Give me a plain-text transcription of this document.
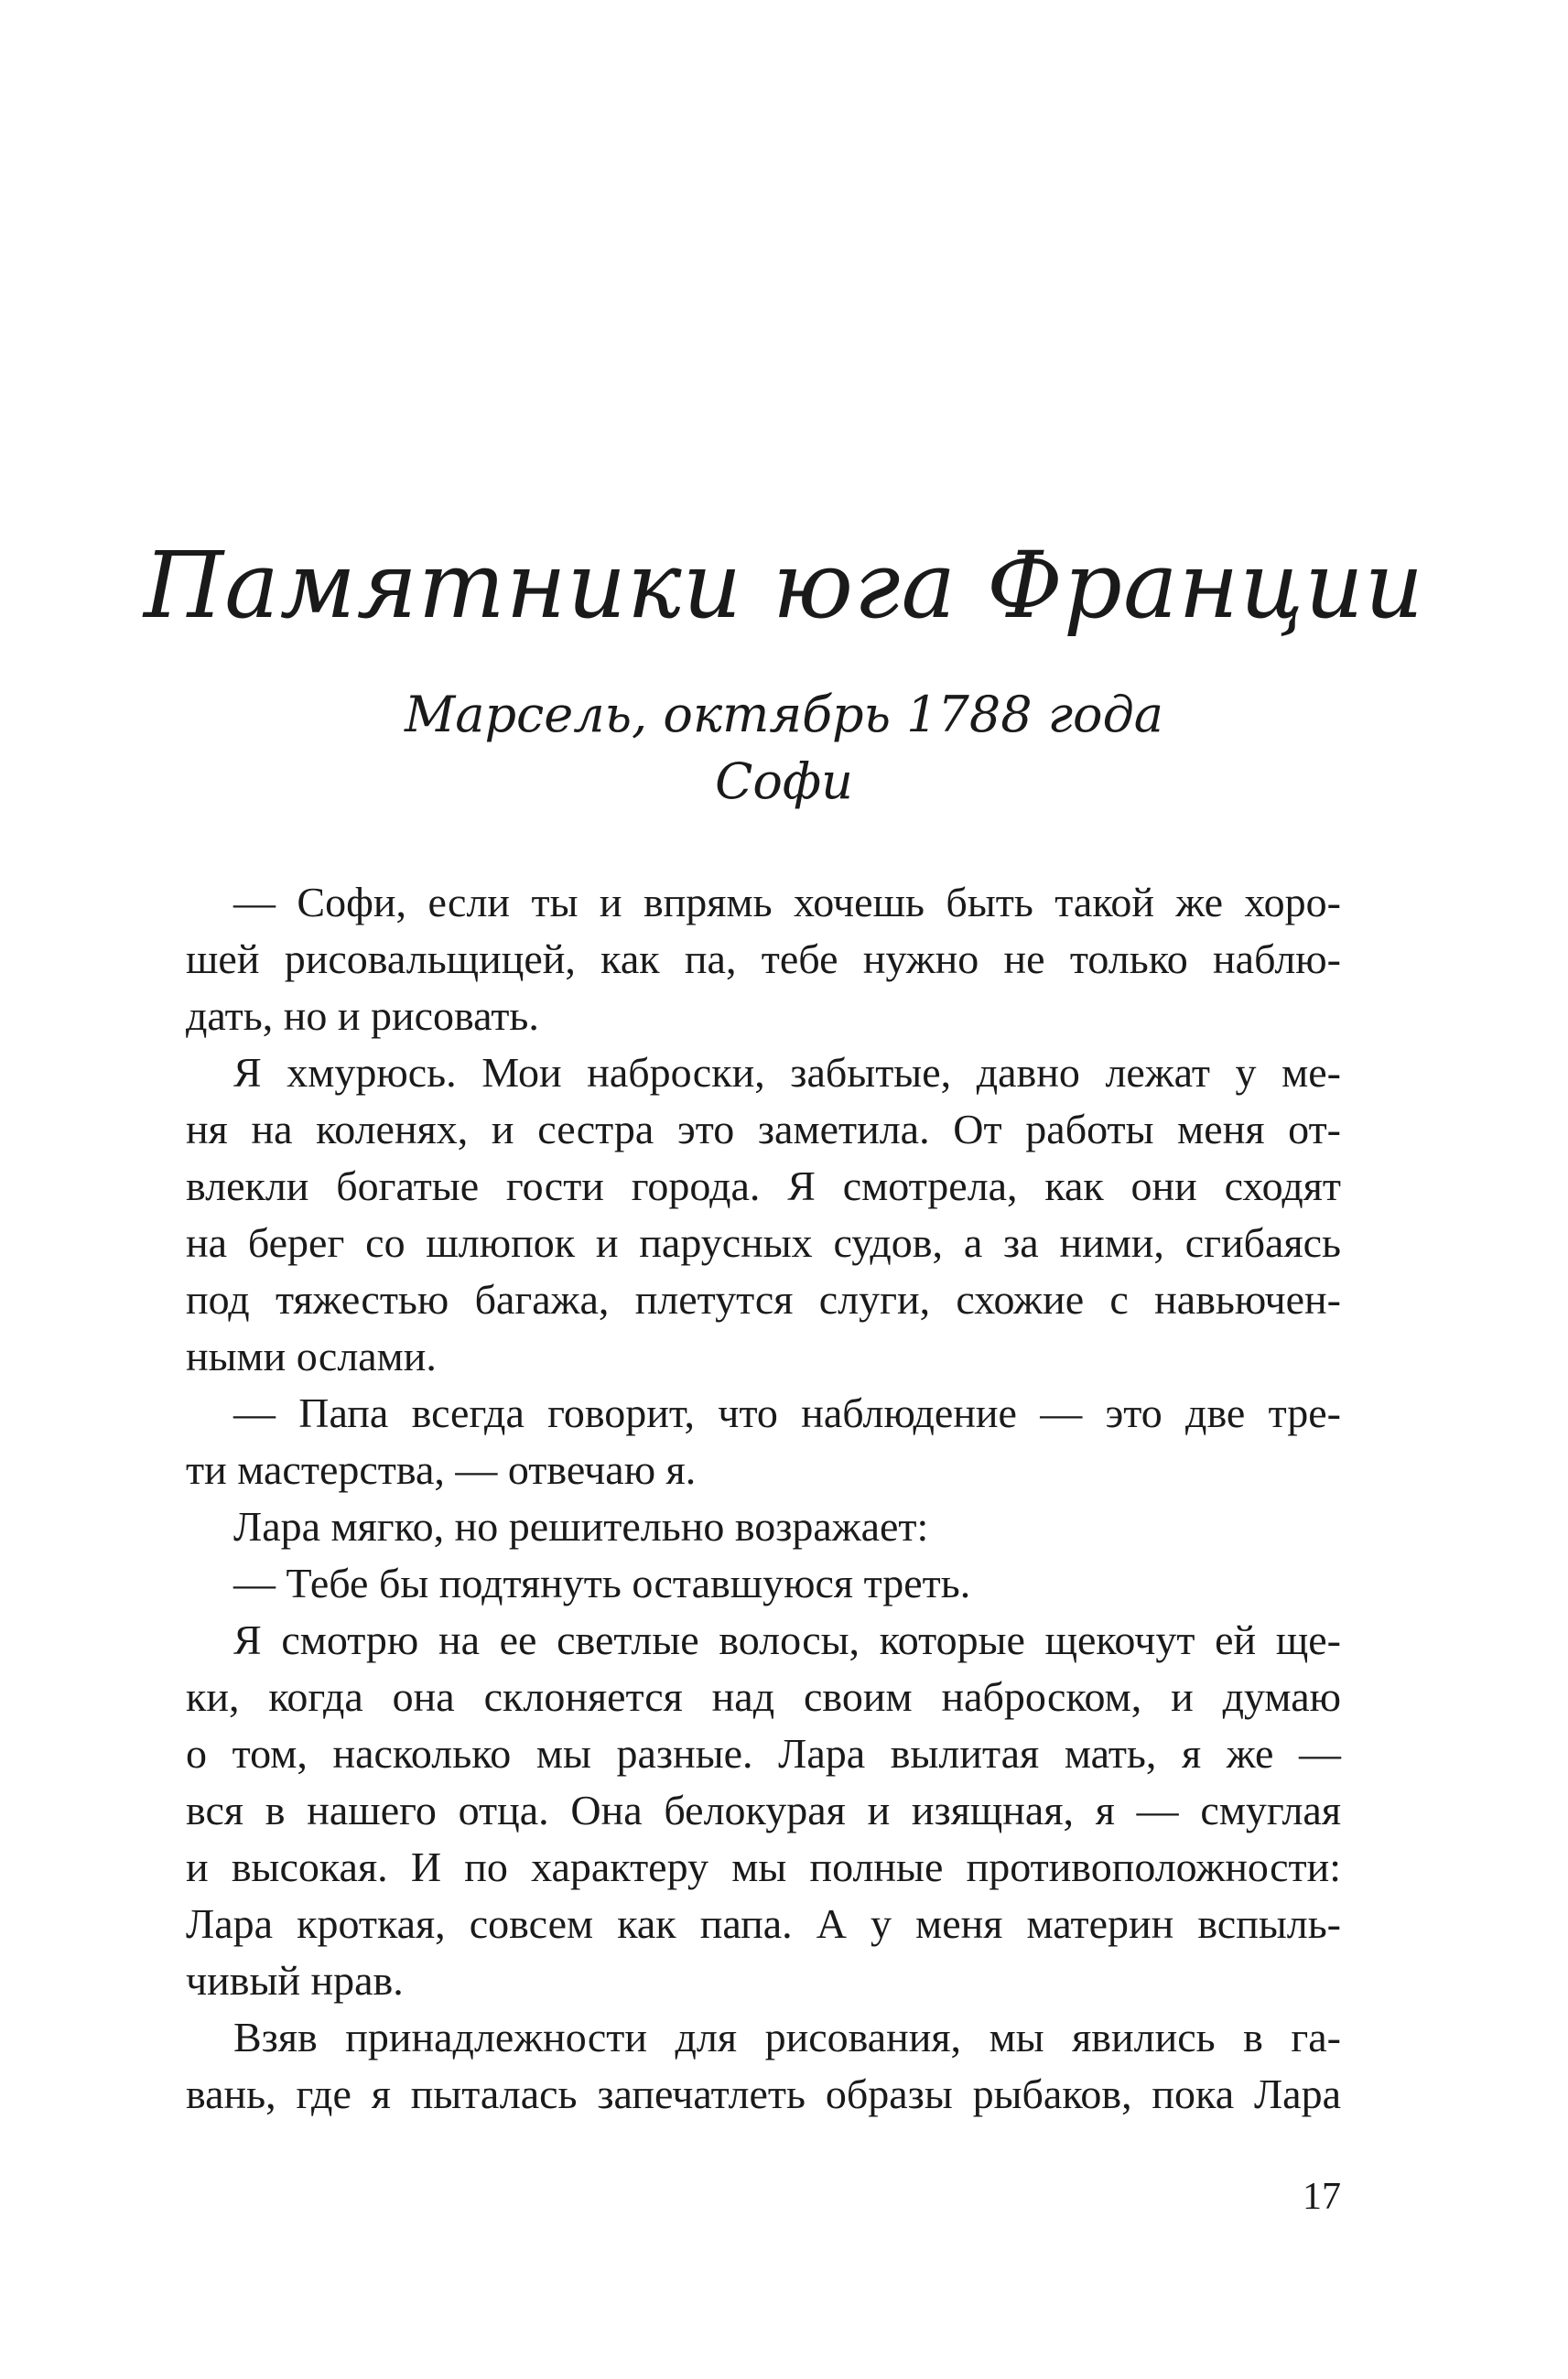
Памятники юга Франции
Марсель, октябрь 1788 года
Софи
— Софи, если ты и впрямь хочешь быть такой же хоро-
шей рисовальщицей, как па, тебе нужно не только наблю-
дать, но и рисовать.
Я хмурюсь. Мои наброски, забытые, давно лежат у ме-
ня на коленях, и сестра это заметила. От работы меня от-
влекли богатые гости города. Я смотрела, как они сходят
на берег со шлюпок и парусных судов, а за ними, сгибаясь
под тяжестью багажа, плетутся слуги, схожие с навьючен-
ными ослами.
— Папа всегда говорит, что наблюдение — это две тре-
ти мастерства, — отвечаю я.
Лара мягко, но решительно возражает:
— Тебе бы подтянуть оставшуюся треть.
Я смотрю на ее светлые волосы, которые щекочут ей ще-
ки, когда она склоняется над своим наброском, и думаю
о том, насколько мы разные. Лара вылитая мать, я же —
вся в нашего отца. Она белокурая и изящная, я — смуглая
и высокая. И по характеру мы полные противоположности:
Лара кроткая, совсем как папа. А у меня материн вспыль-
чивый нрав.
Взяв принадлежности для рисования, мы явились в га-
вань, где я пыталась запечатлеть образы рыбаков, пока Лара
17
